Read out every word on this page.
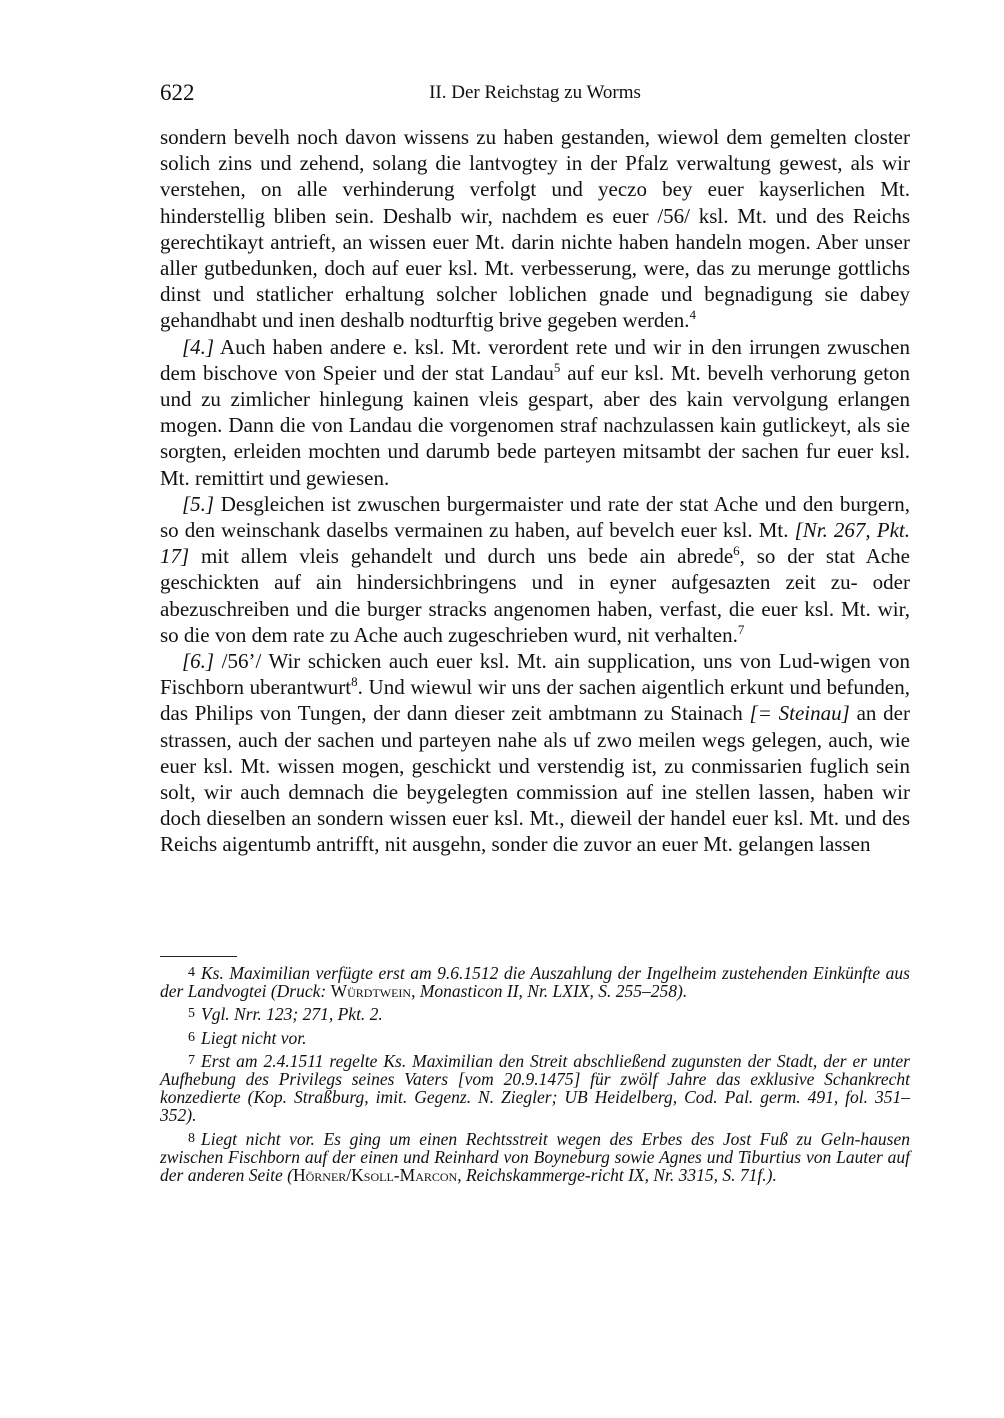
622	II. Der Reichstag zu Worms

sondern bevelh noch davon wissens zu haben gestanden, wiewol dem gemelten closter solich zins und zehend, solang die lantvogtey in der Pfalz verwaltung gewest, als wir verstehen, on alle verhinderung verfolgt und yeczo bey euer kayserlichen Mt. hinderstellig bliben sein. Deshalb wir, nachdem es euer /56/ ksl. Mt. und des Reichs gerechtikayt antrieft, an wissen euer Mt. darin nichte haben handeln mogen. Aber unser aller gutbedunken, doch auf euer ksl. Mt. verbesserung, were, das zu merunge gottlichs dinst und statlicher erhaltung solcher loblichen gnade und begnadigung sie dabey gehandhabt und inen deshalb nodturftig brive gegeben werden.$^4$

[4.] Auch haben andere e. ksl. Mt. verordent rete und wir in den irrungen zwuschen dem bischove von Speier und der stat Landau$^5$ auf eur ksl. Mt. bevelh verhorung geton und zu zimlicher hinlegung kainen vleis gespart, aber des kain vervolgung erlangen mogen. Dann die von Landau die vorgenomen straf nachzulassen kain gutlickeyt, als sie sorgten, erleiden mochten und darumb bede parteyen mitsambt der sachen fur euer ksl. Mt. remittirt und gewiesen.

[5.] Desgleichen ist zwuschen burgermaister und rate der stat Ache und den burgern, so den weinschank daselbs vermainen zu haben, auf bevelch euer ksl. Mt. [Nr. 267, Pkt. 17] mit allem vleis gehandelt und durch uns bede ain abrede$^6$, so der stat Ache geschickten auf ain hindersichbringens und in eyner aufgesazten zeit zu- oder abezuschreiben und die burger stracks angenomen haben, verfast, die euer ksl. Mt. wir, so die von dem rate zu Ache auch zugeschrieben wurd, nit verhalten.$^7$

[6.] /56’/ Wir schicken auch euer ksl. Mt. ain supplication, uns von Lud-wigen von Fischborn uberantwurt$^8$. Und wiewul wir uns der sachen aigentlich erkunt und befunden, das Philips von Tungen, der dann dieser zeit ambtmann zu Stainach [= Steinau] an der strassen, auch der sachen und parteyen nahe als uf zwo meilen wegs gelegen, auch, wie euer ksl. Mt. wissen mogen, geschickt und verstendig ist, zu conmissarien fuglich sein solt, wir auch demnach die beygelegten commission auf ine stellen lassen, haben wir doch dieselben an sondern wissen euer ksl. Mt., dieweil der handel euer ksl. Mt. und des Reichs aigentumb antrifft, nit ausgehn, sonder die zuvor an euer Mt. gelangen lassen

4 Ks. Maximilian verfügte erst am 9.6.1512 die Auszahlung der Ingelheim zustehenden Einkünfte aus der Landvogtei (Druck: Würdtwein, Monasticon II, Nr. LXIX, S. 255–258).

5 Vgl. Nrr. 123; 271, Pkt. 2.

6 Liegt nicht vor.

7 Erst am 2.4.1511 regelte Ks. Maximilian den Streit abschließend zugunsten der Stadt, der er unter Aufhebung des Privilegs seines Vaters [vom 20.9.1475] für zwölf Jahre das exklusive Schankrecht konzedierte (Kop. Straßburg, imit. Gegenz. N. Ziegler; UB Heidelberg, Cod. Pal. germ. 491, fol. 351–352).

8 Liegt nicht vor. Es ging um einen Rechtsstreit wegen des Erbes des Jost Fuß zu Geln-hausen zwischen Fischborn auf der einen und Reinhard von Boyneburg sowie Agnes und Tiburtius von Lauter auf der anderen Seite (Hörner/Ksoll-Marcon, Reichskammerge-richt IX, Nr. 3315, S. 71f.).
